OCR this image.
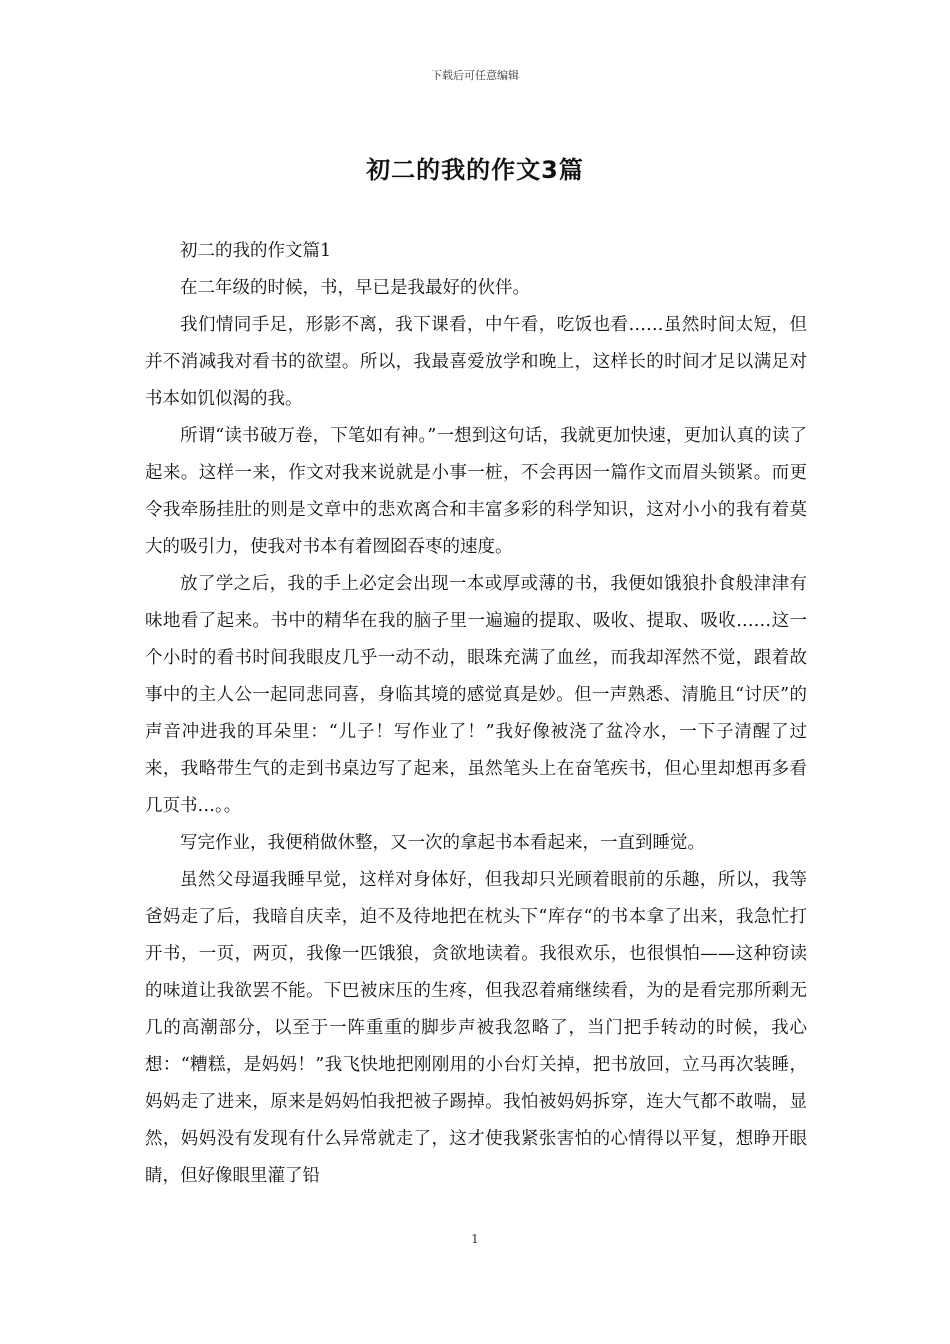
下载后可任意编辑
初二的我的作文3篇

初二的我的作文篇1

在二年级的时候，书，早已是我最好的伙伴。

我们情同手足，形影不离，我下课看，中午看，吃饭也看……虽然时间太短，但并不消减我对看书的欲望。所以，我最喜爱放学和晚上，这样长的时间才足以满足对书本如饥似渴的我。

所谓“读书破万卷，下笔如有神。”一想到这句话，我就更加快速，更加认真的读了起来。这样一来，作文对我来说就是小事一桩，不会再因一篇作文而眉头锁紧。而更令我牵肠挂肚的则是文章中的悲欢离合和丰富多彩的科学知识，这对小小的我有着莫大的吸引力，使我对书本有着囫囵吞枣的速度。

放了学之后，我的手上必定会出现一本或厚或薄的书，我便如饿狼扑食般津津有味地看了起来。书中的精华在我的脑子里一遍遍的提取、吸收、提取、吸收……这一个小时的看书时间我眼皮几乎一动不动，眼珠充满了血丝，而我却浑然不觉，跟着故事中的主人公一起同悲同喜，身临其境的感觉真是妙。但一声熟悉、清脆且“讨厌”的声音冲进我的耳朵里：“儿子！写作业了！”我好像被浇了盆冷水，一下子清醒了过来，我略带生气的走到书桌边写了起来，虽然笔头上在奋笔疾书，但心里却想再多看几页书…。。

写完作业，我便稍做休整，又一次的拿起书本看起来，一直到睡觉。

虽然父母逼我睡早觉，这样对身体好，但我却只光顾着眼前的乐趣，所以，我等爸妈走了后，我暗自庆幸，迫不及待地把在枕头下“库存“的书本拿了出来，我急忙打开书，一页，两页，我像一匹饿狼，贪欲地读着。我很欢乐，也很惧怕——这种窃读的味道让我欲罢不能。下巴被床压的生疼，但我忍着痛继续看，为的是看完那所剩无几的高潮部分，以至于一阵重重的脚步声被我忽略了，当门把手转动的时候，我心想：“糟糕，是妈妈！”我飞快地把刚刚用的小台灯关掉，把书放回，立马再次装睡，妈妈走了进来，原来是妈妈怕我把被子踢掉。我怕被妈妈拆穿，连大气都不敢喘，显然，妈妈没有发现有什么异常就走了，这才使我紧张害怕的心情得以平复，想睁开眼睛，但好像眼里灌了铅

1
